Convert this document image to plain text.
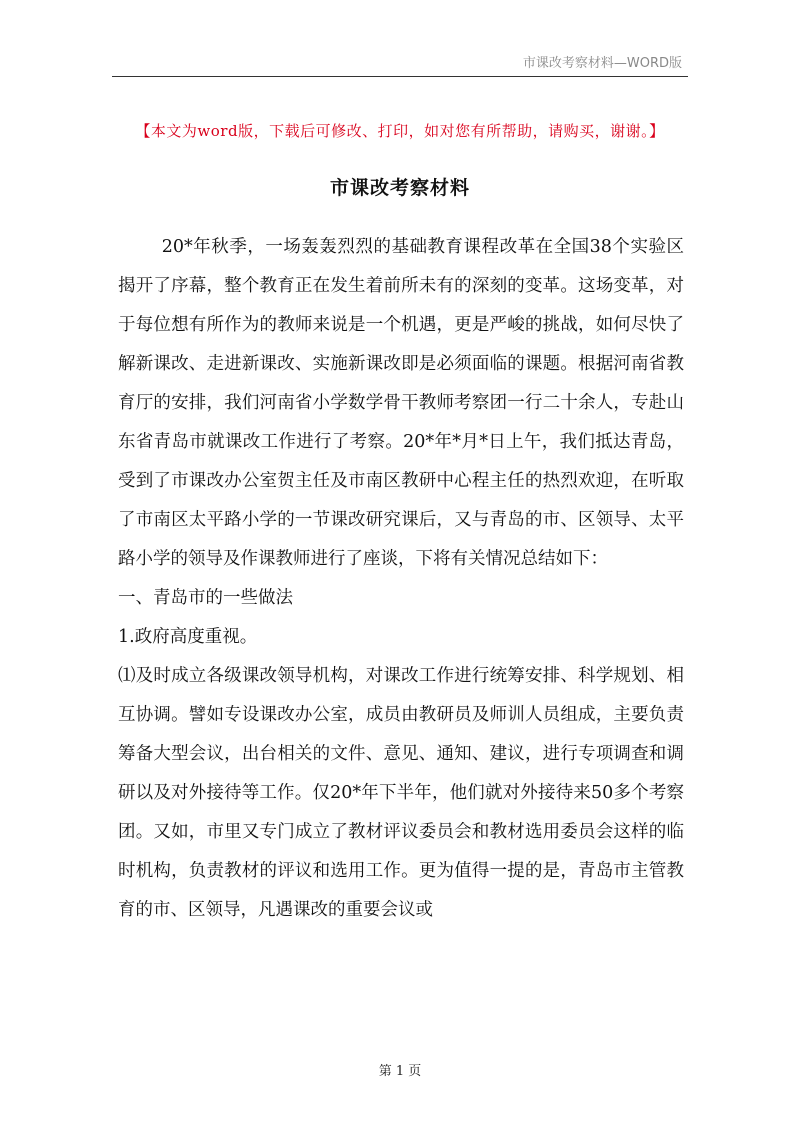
市课改考察材料—WORD版
【本文为word版，下载后可修改、打印，如对您有所帮助，请购买，谢谢。】
市课改考察材料

20*年秋季，一场轰轰烈烈的基础教育课程改革在全国38个实验区揭开了序幕，整个教育正在发生着前所未有的深刻的变革。这场变革，对于每位想有所作为的教师来说是一个机遇，更是严峻的挑战，如何尽快了解新课改、走进新课改、实施新课改即是必须面临的课题。根据河南省教育厅的安排，我们河南省小学数学骨干教师考察团一行二十余人，专赴山东省青岛市就课改工作进行了考察。20*年*月*日上午，我们抵达青岛，受到了市课改办公室贺主任及市南区教研中心程主任的热烈欢迎，在听取了市南区太平路小学的一节课改研究课后，又与青岛的市、区领导、太平路小学的领导及作课教师进行了座谈，下将有关情况总结如下：

一、青岛市的一些做法

1.政府高度重视。

⑴及时成立各级课改领导机构，对课改工作进行统筹安排、科学规划、相互协调。譬如专设课改办公室，成员由教研员及师训人员组成，主要负责筹备大型会议，出台相关的文件、意见、通知、建议，进行专项调查和调研以及对外接待等工作。仅20*年下半年，他们就对外接待来50多个考察团。又如，市里又专门成立了教材评议委员会和教材选用委员会这样的临时机构，负责教材的评议和选用工作。更为值得一提的是，青岛市主管教育的市、区领导，凡遇课改的重要会议或

第 1 页
